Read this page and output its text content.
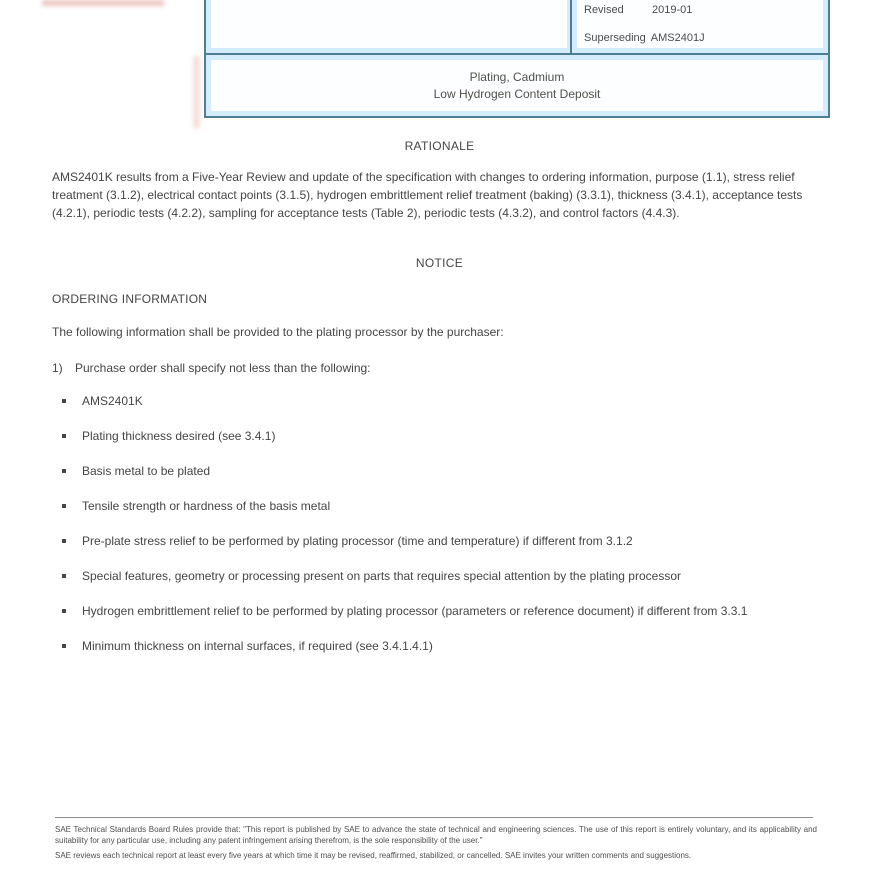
Revised	2019-01
Superseding AMS2401J
Plating, Cadmium
Low Hydrogen Content Deposit
RATIONALE
AMS2401K results from a Five-Year Review and update of the specification with changes to ordering information, purpose (1.1), stress relief treatment (3.1.2), electrical contact points (3.1.5), hydrogen embrittlement relief treatment (baking) (3.3.1), thickness (3.4.1), acceptance tests (4.2.1), periodic tests (4.2.2), sampling for acceptance tests (Table 2), periodic tests (4.3.2), and control factors (4.4.3).
NOTICE
ORDERING INFORMATION
The following information shall be provided to the plating processor by the purchaser:
1)	Purchase order shall specify not less than the following:
AMS2401K
Plating thickness desired (see 3.4.1)
Basis metal to be plated
Tensile strength or hardness of the basis metal
Pre-plate stress relief to be performed by plating processor (time and temperature) if different from 3.1.2
Special features, geometry or processing present on parts that requires special attention by the plating processor
Hydrogen embrittlement relief to be performed by plating processor (parameters or reference document) if different from 3.3.1
Minimum thickness on internal surfaces, if required (see 3.4.1.4.1)
SAE Technical Standards Board Rules provide that: "This report is published by SAE to advance the state of technical and engineering sciences. The use of this report is entirely voluntary, and its applicability and suitability for any particular use, including any patent infringement arising therefrom, is the sole responsibility of the user."
SAE reviews each technical report at least every five years at which time it may be revised, reaffirmed, stabilized, or cancelled. SAE invites your written comments and suggestions.
